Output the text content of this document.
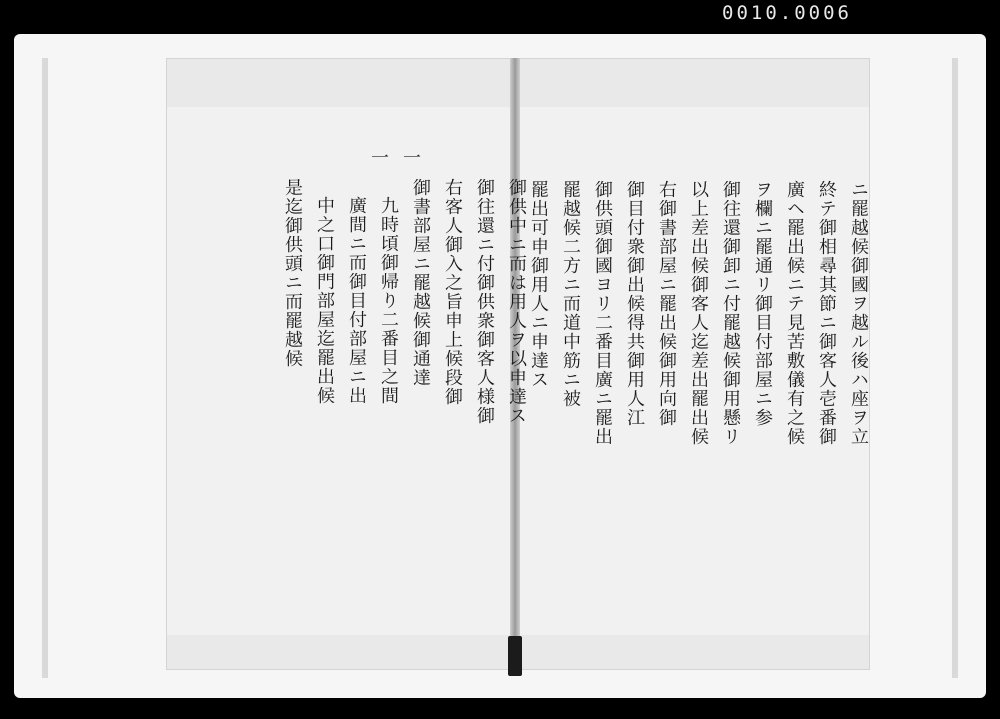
0010.0006
ニ罷越候御國ヲ越ル後ハ座ヲ立
終テ御相尋其節ニ御客人壱番御
廣ヘ罷出候ニテ見苦敷儀有之候
ヲ欄ニ罷通リ御目付部屋ニ参
御往還御卸ニ付罷越候御用懸リ
以上差出候御客人迄差出罷出候
右御書部屋ニ罷出候御用向御
御目付衆御出候得共御用人江
御供頭御國ヨリ二番目廣ニ罷出
罷越候二方ニ而道中筋ニ被
罷出可申御用人ニ申達ス
一
一
御供中ニ而は用人ヲ以申達ス
御往還ニ付御供衆御客人様御
右客人御入之旨申上候段御
御書部屋ニ罷越候御通達
九時頃御帰り二番目之間
廣間ニ而御目付部屋ニ出
中之口御門部屋迄罷出候
是迄御供頭ニ而罷越候
